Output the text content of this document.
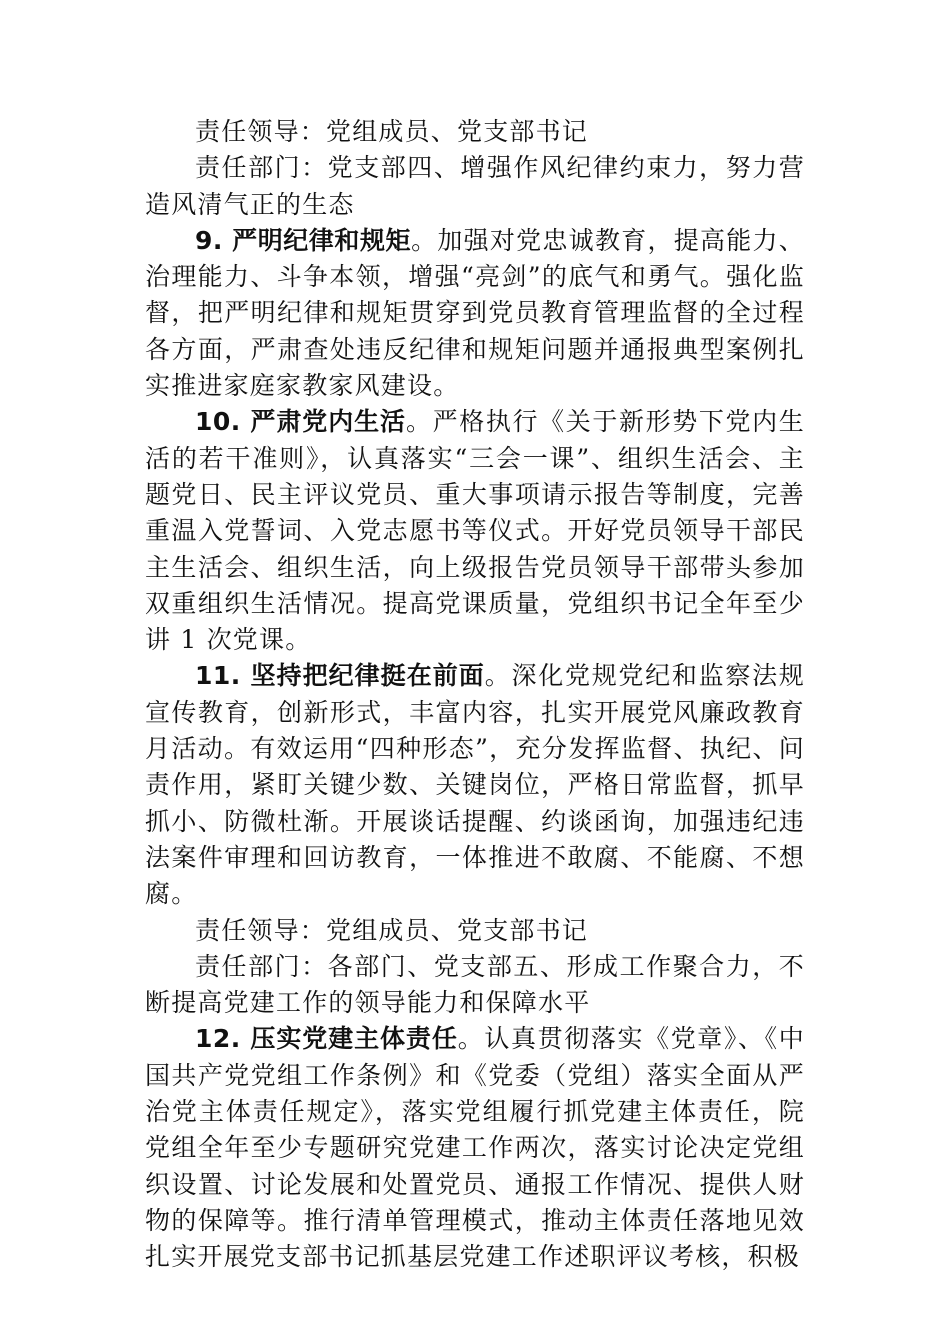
责任领导：党组成员、党支部书记

责任部门：党支部四、增强作风纪律约束力，努力营造风清气正的生态

9. 严明纪律和规矩。加强对党忠诚教育，提高能力、治理能力、斗争本领，增强“亮剑”的底气和勇气。强化监督，把严明纪律和规矩贯穿到党员教育管理监督的全过程各方面，严肃查处违反纪律和规矩问题并通报典型案例扎实推进家庭家教家风建设。

10. 严肃党内生活。严格执行《关于新形势下党内生活的若干准则》，认真落实“三会一课”、组织生活会、主题党日、民主评议党员、重大事项请示报告等制度，完善重温入党誓词、入党志愿书等仪式。开好党员领导干部民主生活会、组织生活，向上级报告党员领导干部带头参加双重组织生活情况。提高党课质量，党组织书记全年至少讲 1 次党课。

11. 坚持把纪律挺在前面。深化党规党纪和监察法规宣传教育，创新形式，丰富内容，扎实开展党风廉政教育月活动。有效运用“四种形态”，充分发挥监督、执纪、问责作用，紧盯关键少数、关键岗位，严格日常监督，抓早抓小、防微杜渐。开展谈话提醒、约谈函询，加强违纪违法案件审理和回访教育，一体推进不敢腐、不能腐、不想腐。

责任领导：党组成员、党支部书记

责任部门：各部门、党支部五、形成工作聚合力，不断提高党建工作的领导能力和保障水平

12. 压实党建主体责任。认真贯彻落实《党章》、《中国共产党党组工作条例》和《党委（党组）落实全面从严治党主体责任规定》，落实党组履行抓党建主体责任，院党组全年至少专题研究党建工作两次，落实讨论决定党组织设置、讨论发展和处置党员、通报工作情况、提供人财物的保障等。推行清单管理模式，推动主体责任落地见效扎实开展党支部书记抓基层党建工作述职评议考核，积极
